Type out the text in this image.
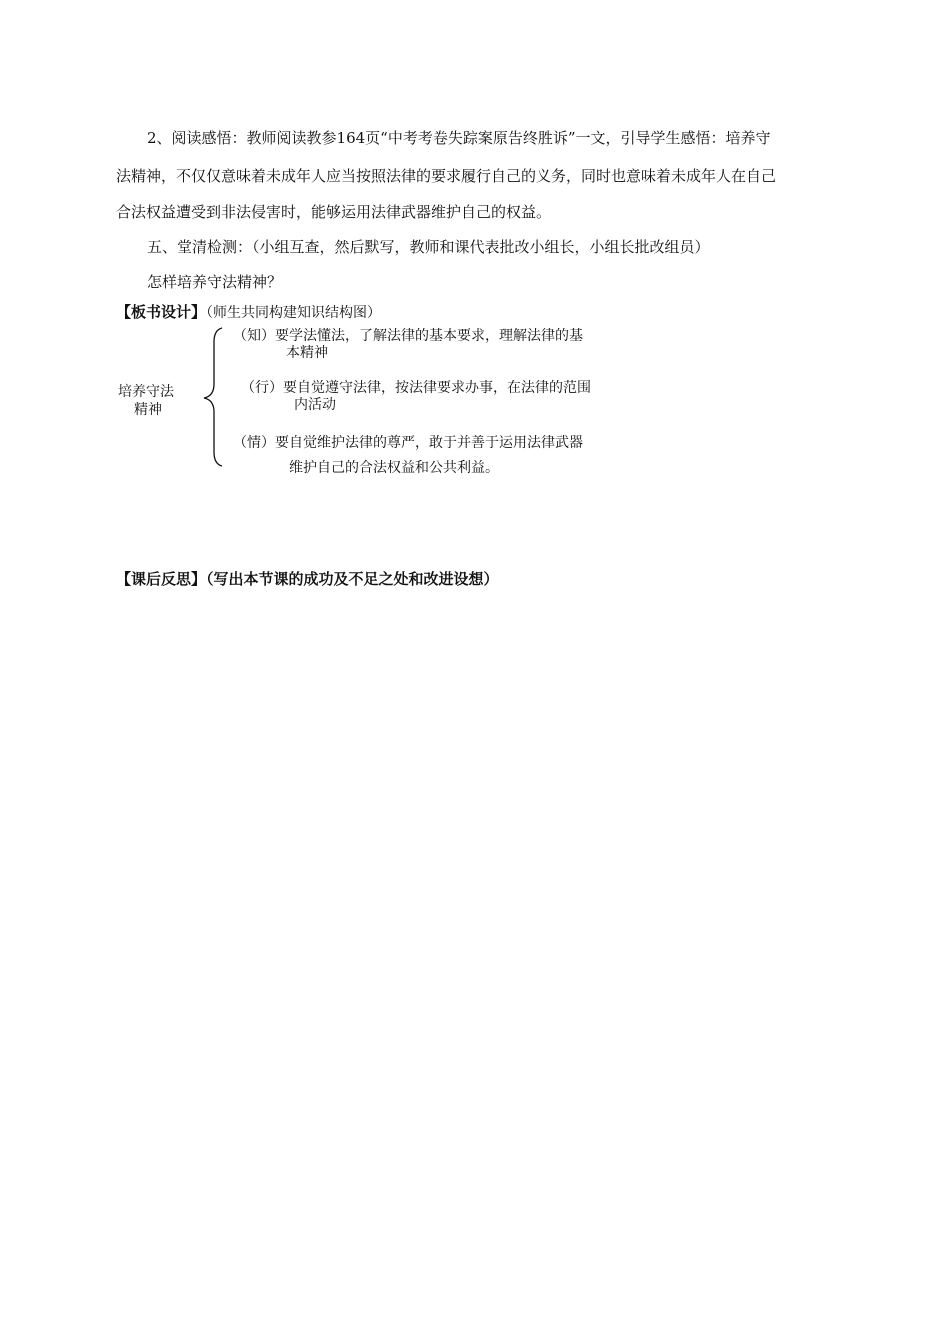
2、阅读感悟：教师阅读教参164页“中考考卷失踪案原告终胜诉”一文，引导学生感悟：培养守
法精神，不仅仅意味着未成年人应当按照法律的要求履行自己的义务，同时也意味着未成年人在自己
合法权益遭受到非法侵害时，能够运用法律武器维护自己的权益。
五、堂清检测：（小组互查，然后默写，教师和课代表批改小组长，小组长批改组员）
怎样培养守法精神？
【板书设计】（师生共同构建知识结构图）
培养守法
精神
（知）要学法懂法，了解法律的基本要求，理解法律的基
本精神
（行）要自觉遵守法律，按法律要求办事，在法律的范围
内活动
（情）要自觉维护法律的尊严，敢于并善于运用法律武器
维护自己的合法权益和公共利益。
【课后反思】（写出本节课的成功及不足之处和改进设想）
